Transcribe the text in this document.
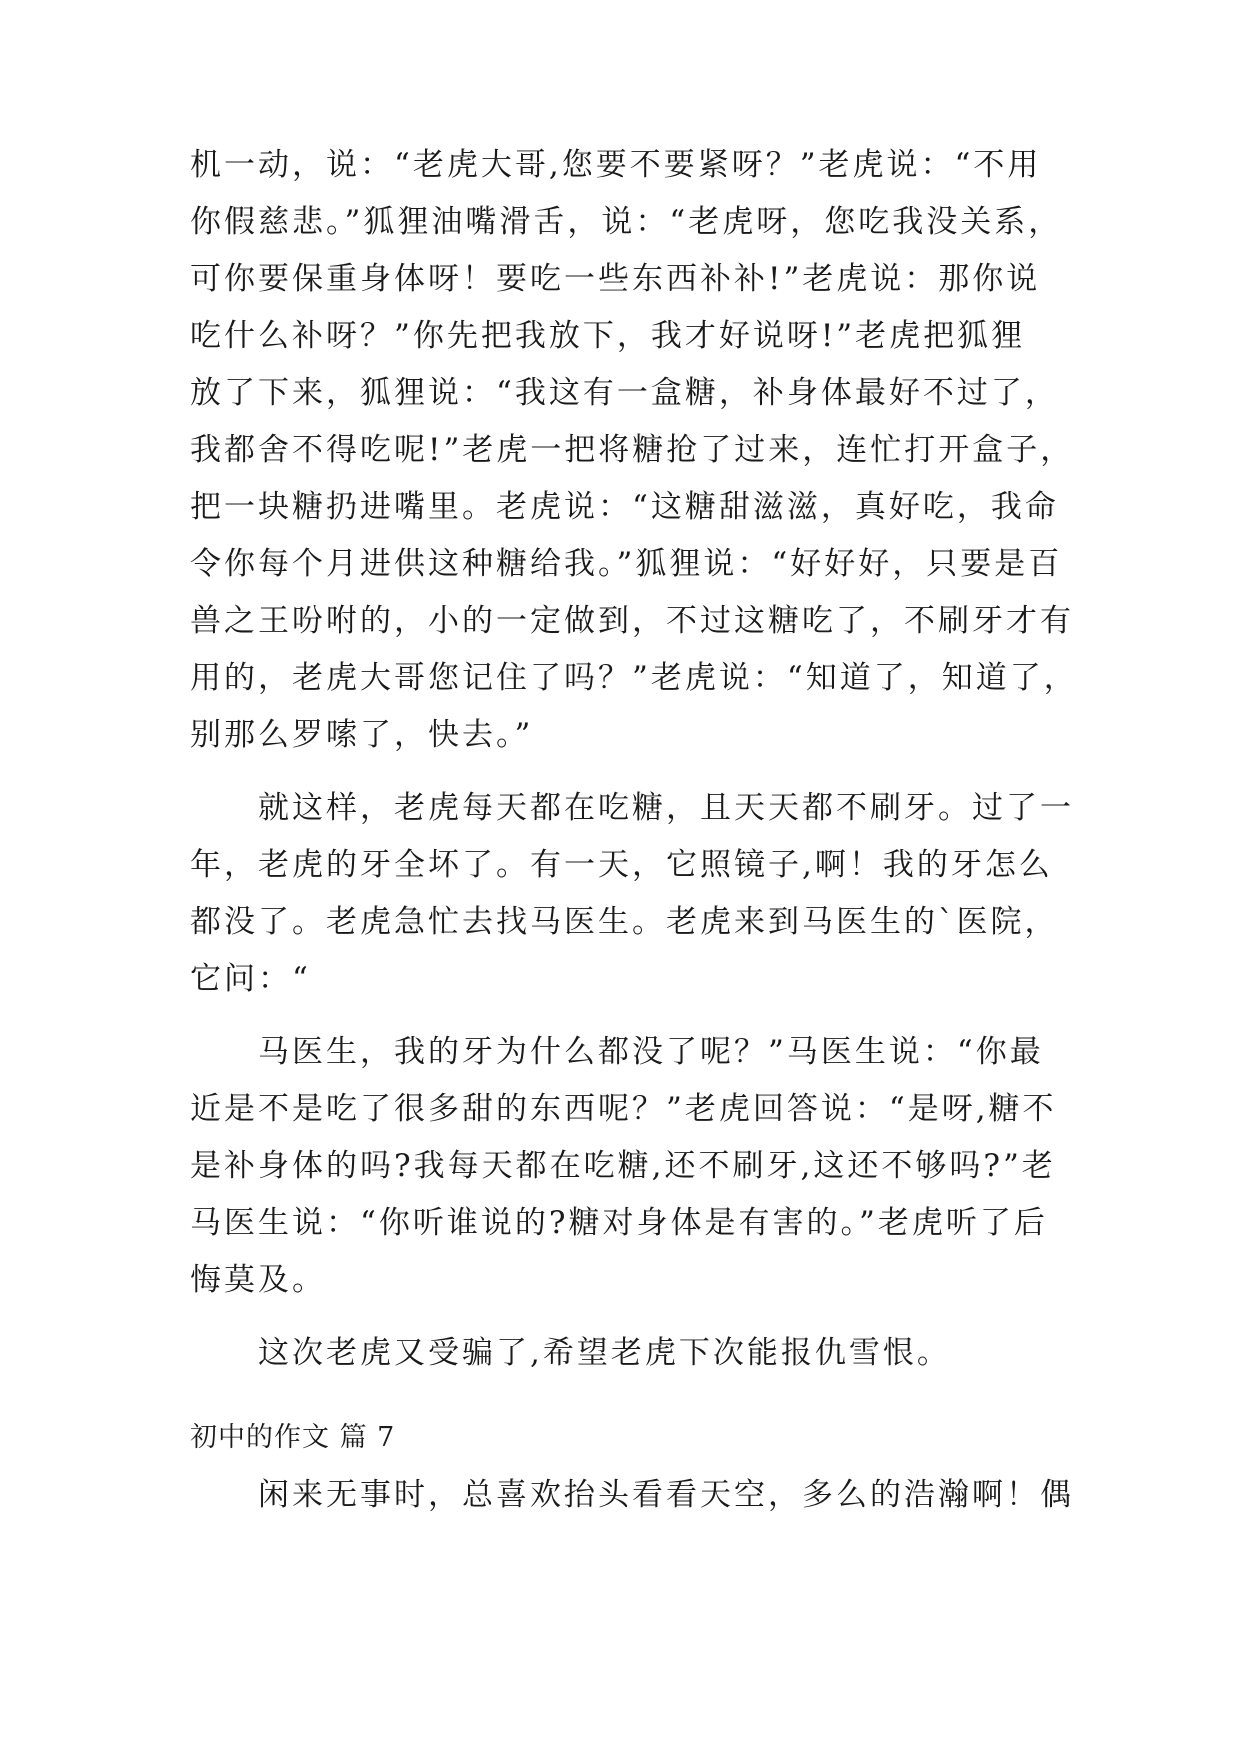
机一动，说：“老虎大哥,您要不要紧呀？”老虎说：“不用
你假慈悲。”狐狸油嘴滑舌，说：“老虎呀，您吃我没关系，
可你要保重身体呀！要吃一些东西补补!”老虎说：那你说
吃什么补呀？”你先把我放下，我才好说呀!”老虎把狐狸
放了下来，狐狸说：“我这有一盒糖，补身体最好不过了，
我都舍不得吃呢!”老虎一把将糖抢了过来，连忙打开盒子，
把一块糖扔进嘴里。老虎说：“这糖甜滋滋，真好吃，我命
令你每个月进供这种糖给我。”狐狸说：“好好好，只要是百
兽之王吩咐的，小的一定做到，不过这糖吃了，不刷牙才有
用的，老虎大哥您记住了吗？”老虎说：“知道了，知道了，
别那么罗嗦了，快去。”
　　就这样，老虎每天都在吃糖，且天天都不刷牙。过了一
年，老虎的牙全坏了。有一天，它照镜子,啊！我的牙怎么
都没了。老虎急忙去找马医生。老虎来到马医生的`医院，
它问：“
　　马医生，我的牙为什么都没了呢？”马医生说：“你最
近是不是吃了很多甜的东西呢？”老虎回答说：“是呀,糖不
是补身体的吗?我每天都在吃糖,还不刷牙,这还不够吗?”老
马医生说：“你听谁说的?糖对身体是有害的。”老虎听了后
悔莫及。
　　这次老虎又受骗了,希望老虎下次能报仇雪恨。
初中的作文 篇 7
　　闲来无事时，总喜欢抬头看看天空，多么的浩瀚啊！偶
